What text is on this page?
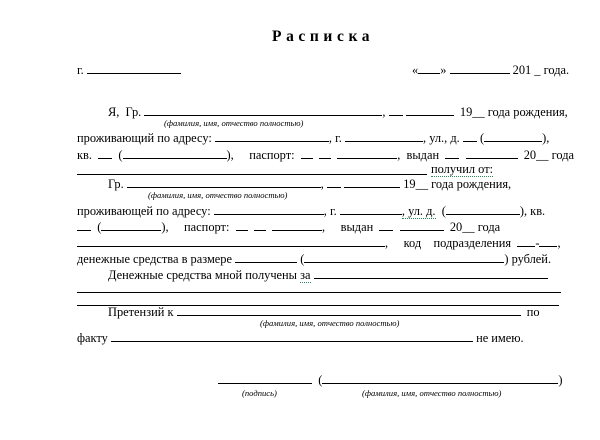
Расписка
г.	« »	201 _ года.
Я,  Гр.	,	19__ года рождения,
(фамилия, имя, отчество полностью)
проживающий по адресу:	, г.	, ул., д. (	),
кв. (	),     паспорт:	,  выдан	20__ года
получил от:
Гр.	,	19__ года рождения,
(фамилия, имя, отчество полностью)
проживающей по адресу:	, г.	, ул. д. (	), кв.
(	),     паспорт:	,     выдан	20__ года
,     код    подразделения - ,
денежные средства в размере	(	) рублей.
Денежные средства мной получены за
Претензий к	по
(фамилия, имя, отчество полностью)
факту	не имею.
(	)
(подпись)	(фамилия, имя, отчество полностью)
